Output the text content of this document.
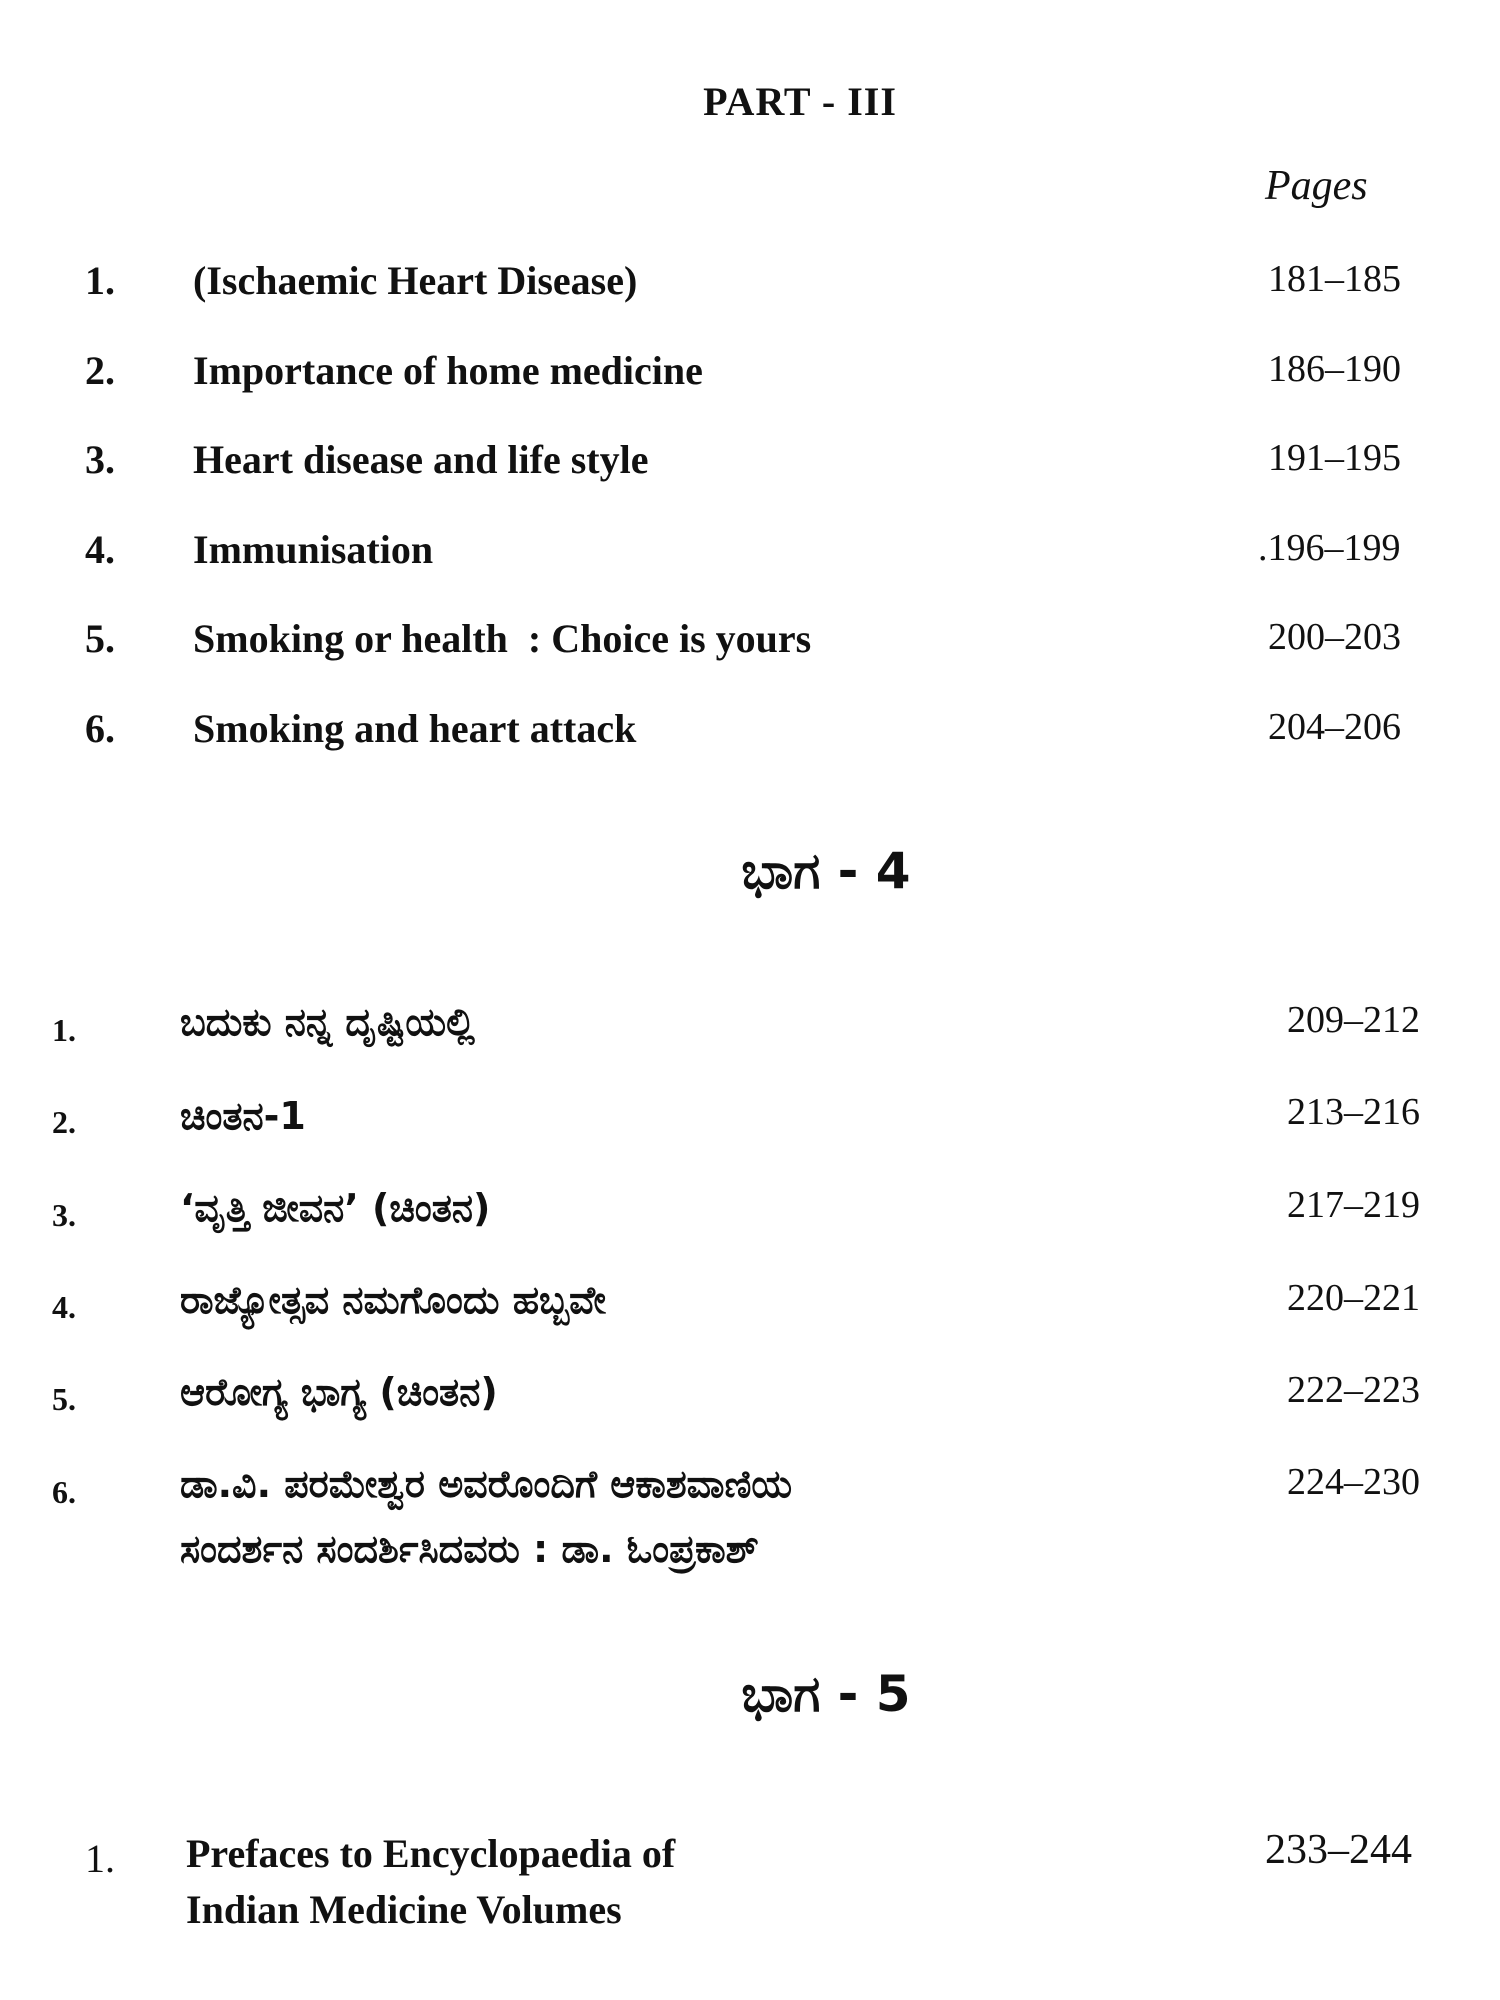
PART - III
Pages
1. (Ischaemic Heart Disease)	181–185
2. Importance of home medicine	186–190
3. Heart disease and life style	191–195
4. Immunisation	.196–199
5. Smoking or health  : Choice is yours	200–203
6. Smoking and heart attack	204–206
ಭಾಗ - 4
1.	ಬದುಕು ನನ್ನ ದೃಷ್ಟಿಯಲ್ಲಿ	209–212
2.	ಚಿಂತನ-1	213–216
3.	‘ವೃತ್ತಿ ಜೀವನ’ (ಚಿಂತನ)	217–219
4.	ರಾಜ್ಯೋತ್ಸವ ನಮಗೊಂದು ಹಬ್ಬವೇ	220–221
5.	ಆರೋಗ್ಯ ಭಾಗ್ಯ (ಚಿಂತನ)	222–223
6.	ಡಾ.ವಿ. ಪರಮೇಶ್ವರ ಅವರೊಂದಿಗೆ ಆಕಾಶವಾಣಿಯ
ಸಂದರ್ಶನ ಸಂದರ್ಶಿಸಿದವರು : ಡಾ. ಓಂಪ್ರಕಾಶ್
224–230
ಭಾಗ - 5
1. Prefaces to Encyclopaedia of
Indian Medicine Volumes
233–244
